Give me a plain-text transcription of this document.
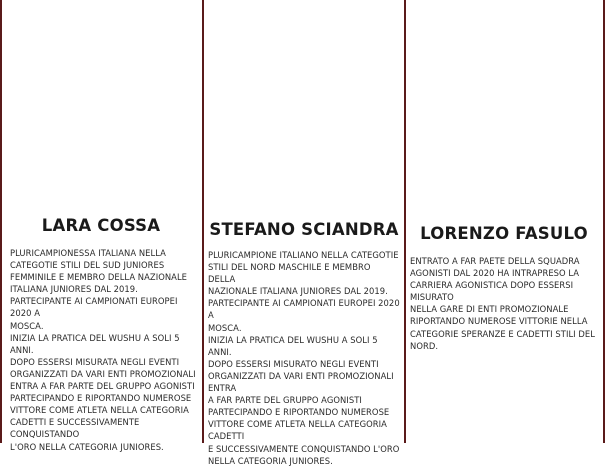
LARA COSSA

PLURICAMPIONESSA ITALIANA NELLA
CATEGOTIE STILI DEL SUD JUNIORES
FEMMINILE E MEMBRO DELLA NAZIONALE
ITALIANA JUNIORES DAL 2019.
PARTECIPANTE AI CAMPIONATI EUROPEI 2020 A
MOSCA.
INIZIA LA PRATICA DEL WUSHU A SOLI 5 ANNI.
DOPO ESSERSI MISURATA NEGLI EVENTI
ORGANIZZATI DA VARI ENTI PROMOZIONALI
ENTRA A FAR PARTE DEL GRUPPO AGONISTI
PARTECIPANDO E RIPORTANDO NUMEROSE
VITTORE COME ATLETA NELLA CATEGORIA
CADETTI E SUCCESSIVAMENTE CONQUISTANDO
L'ORO NELLA CATEGORIA JUNIORES.

STEFANO SCIANDRA

PLURICAMPIONE ITALIANO NELLA CATEGOTIE
STILI DEL NORD MASCHILE E MEMBRO DELLA
NAZIONALE ITALIANA JUNIORES DAL 2019.
PARTECIPANTE AI CAMPIONATI EUROPEI 2020 A
MOSCA.
INIZIA LA PRATICA DEL WUSHU A SOLI 5 ANNI.
DOPO ESSERSI MISURATO NEGLI EVENTI
ORGANIZZATI DA VARI ENTI PROMOZIONALI ENTRA
A FAR PARTE DEL GRUPPO AGONISTI
PARTECIPANDO E RIPORTANDO NUMEROSE
VITTORE COME ATLETA NELLA CATEGORIA CADETTI
E SUCCESSIVAMENTE CONQUISTANDO L'ORO
NELLA CATEGORIA JUNIORES.

LORENZO FASULO

ENTRATO A FAR PAETE DELLA SQUADRA
AGONISTI DAL 2020 HA INTRAPRESO LA
CARRIERA AGONISTICA DOPO ESSERSI MISURATO
NELLA GARE DI ENTI PROMOZIONALE
RIPORTANDO NUMEROSE VITTORIE NELLA
CATEGORIE SPERANZE E CADETTI STILI DEL
NORD.
